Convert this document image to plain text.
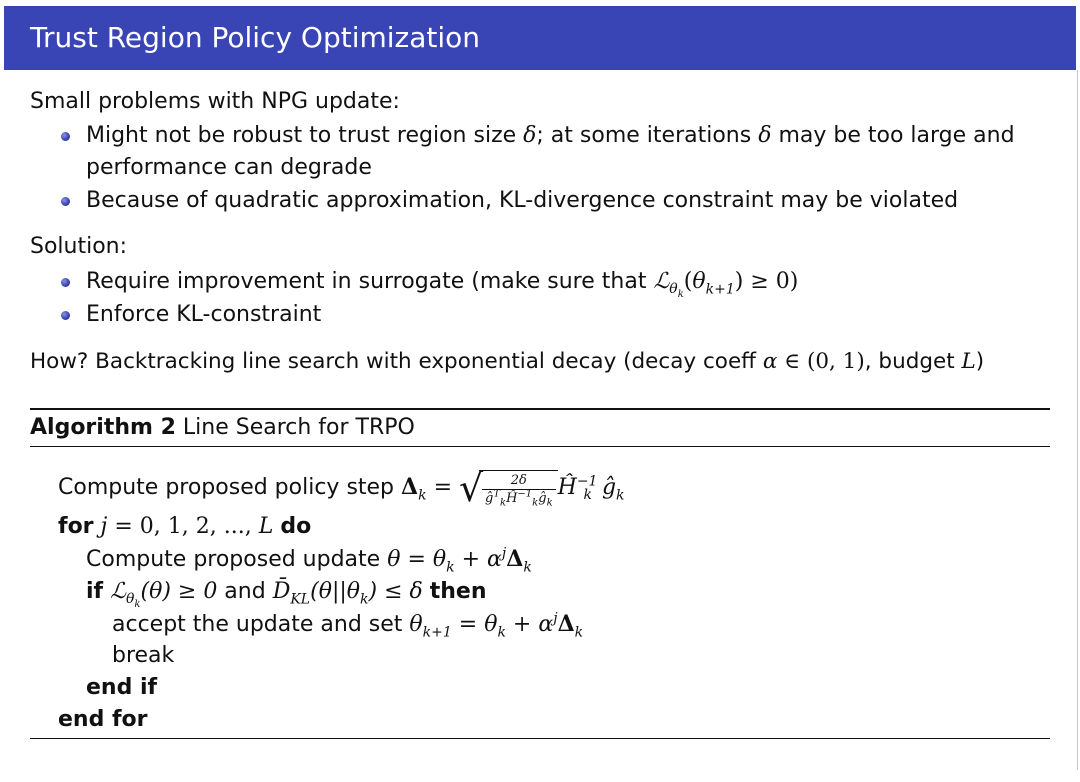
Trust Region Policy Optimization
Small problems with NPG update:
Might not be robust to trust region size δ; at some iterations δ may be too large and
performance can degrade
Because of quadratic approximation, KL-divergence constraint may be violated
Solution:
Require improvement in surrogate (make sure that $ℒ_{\theta_k}(\theta_{k+1}) \ge 0$)
Enforce KL-constraint
How? Backtracking line search with exponential decay (decay coeff α ∈ (0, 1), budget L)
Algorithm 2 Line Search for TRPO
Compute proposed policy step $\Delta_k$ = √
$\frac{2\delta}{ĝ^T_kĤ^{-1}_kĝ_k}$ $Ĥ^{-1}_k$ $ĝ_k$
for j = 0, 1, 2, ..., L do
Compute proposed update $\theta = \theta_k + \alpha^j\Delta_k$
if ℒ$_{\theta_k}$(θ) ≥ 0 and $D̄_{KL}(\theta||\theta_k) \le \delta$ then
accept the update and set $\theta_{k+1} = \theta_k + \alpha^j\Delta_k$
break
end if
end for
